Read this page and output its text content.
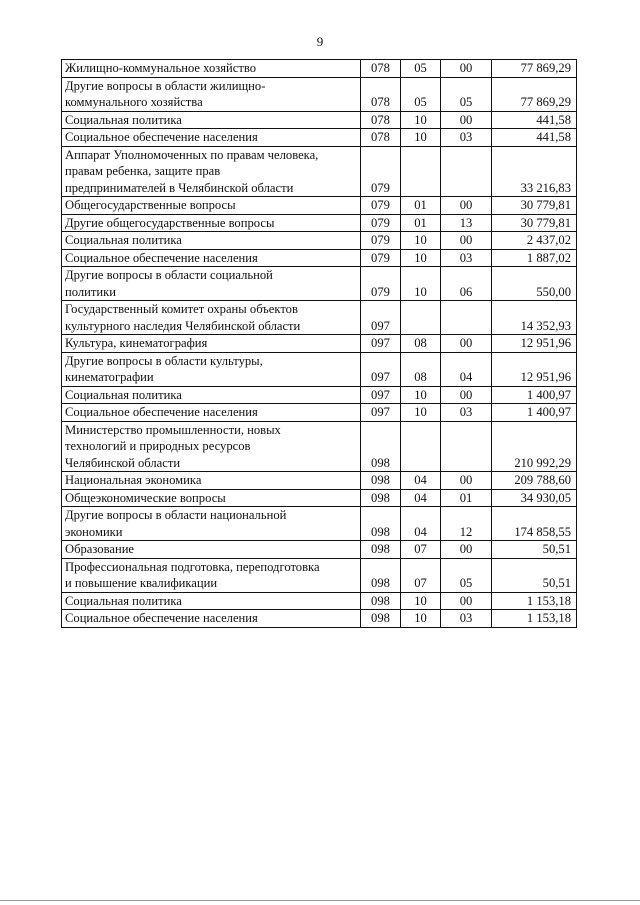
9
Жилищно-коммунальное хозяйство	078	05	00	77 869,29
Другие вопросы в области жилищно-
коммунального хозяйства	078	05	05	77 869,29
Социальная политика	078	10	00	441,58
Социальное обеспечение населения	078	10	03	441,58
Аппарат Уполномоченных по правам человека,
правам ребенка, защите прав
предпринимателей в Челябинской области	079			33 216,83
Общегосударственные вопросы	079	01	00	30 779,81
Другие общегосударственные вопросы	079	01	13	30 779,81
Социальная политика	079	10	00	2 437,02
Социальное обеспечение населения	079	10	03	1 887,02
Другие вопросы в области социальной
политики	079	10	06	550,00
Государственный комитет охраны объектов
культурного наследия Челябинской области	097			14 352,93
Культура, кинематография	097	08	00	12 951,96
Другие вопросы в области культуры,
кинематографии	097	08	04	12 951,96
Социальная политика	097	10	00	1 400,97
Социальное обеспечение населения	097	10	03	1 400,97
Министерство промышленности, новых
технологий и природных ресурсов
Челябинской области	098			210 992,29
Национальная экономика	098	04	00	209 788,60
Общеэкономические вопросы	098	04	01	34 930,05
Другие вопросы в области национальной
экономики	098	04	12	174 858,55
Образование	098	07	00	50,51
Профессиональная подготовка, переподготовка
и повышение квалификации	098	07	05	50,51
Социальная политика	098	10	00	1 153,18
Социальное обеспечение населения	098	10	03	1 153,18
